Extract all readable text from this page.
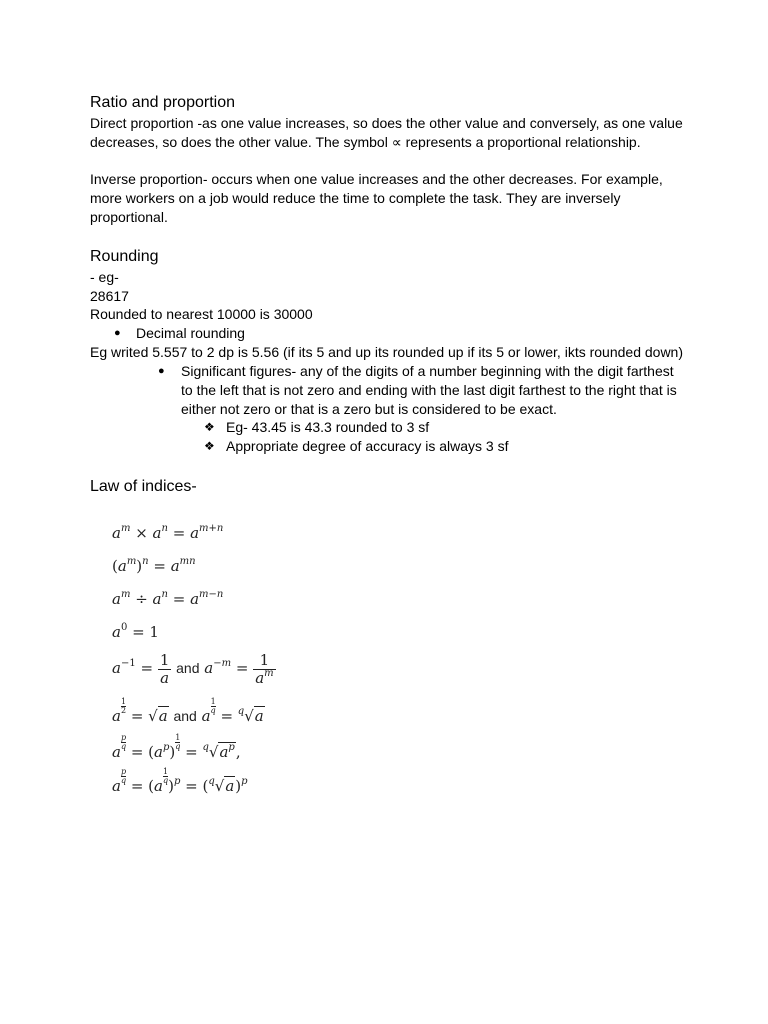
Ratio and proportion
Direct proportion -as one value increases, so does the other value and conversely, as one value
decreases, so does the other value. The symbol ∝ represents a proportional relationship.
Inverse proportion- occurs when one value increases and the other decreases. For example,
more workers on a job would reduce the time to complete the task. They are inversely
proportional.
Rounding
- eg-
28617
Rounded to nearest 10000 is 30000
● Decimal rounding
Eg writed 5.557 to 2 dp is 5.56 (if its 5 and up its rounded up if its 5 or lower, ikts rounded down)
● Significant figures- any of the digits of a number beginning with the digit farthest
to the left that is not zero and ending with the last digit farthest to the right that is
either not zero or that is a zero but is considered to be exact.
❖ Eg- 43.45 is 43.3 rounded to 3 sf
❖ Appropriate degree of accuracy is always 3 sf
Law of indices-
$a^m \times a^n = a^{m+n}$
$(a^m)^n = a^{mn}$
$a^m \div a^n = a^{m-n}$
$a^0 = 1$
$a^{-1} = \frac{1}{a}$ and $a^{-m} = \frac{1}{a^m}$
a
$\frac{1}{2}$
= √a and a
$\frac{1}{q}$
= $^q$√a
a
$\frac{p}{q}$
= $(a^p)$
$\frac{1}{q}$
= $^q√a^p$,
a
$\frac{p}{q}$
= (a
$\frac{1}{q}$
)$^p = (^q√a)^p$
